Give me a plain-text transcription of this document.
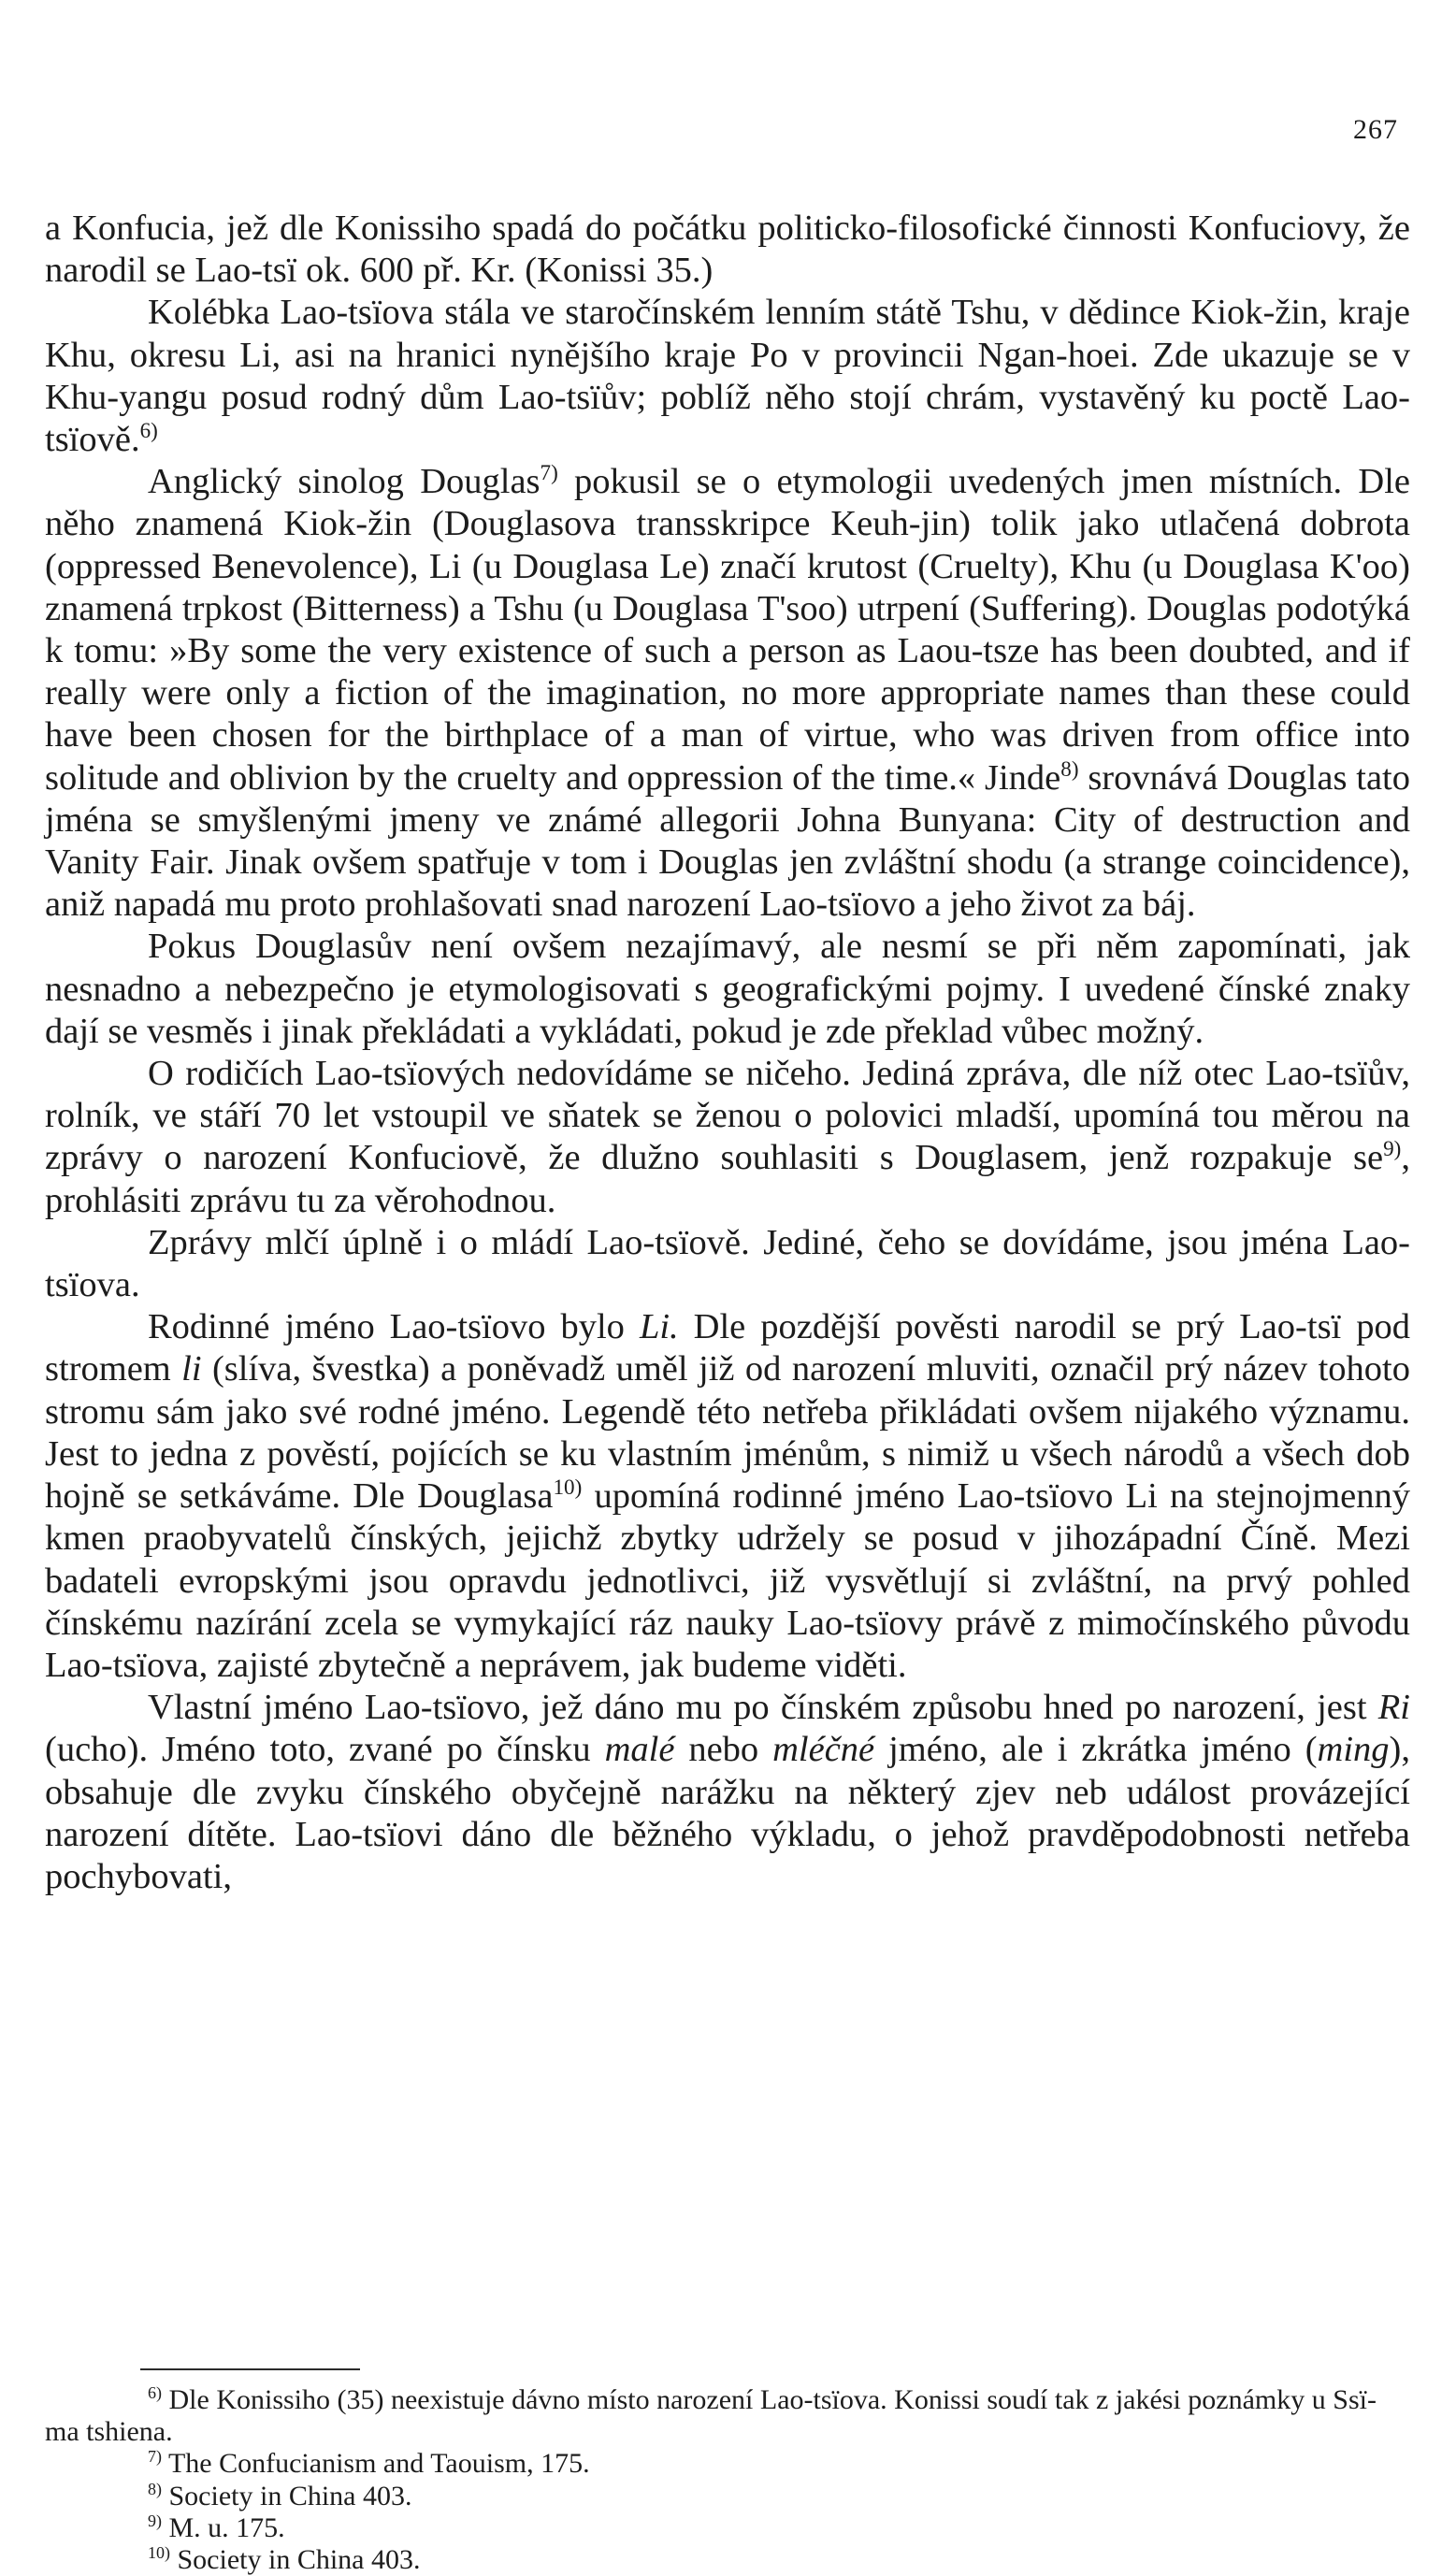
267

a Konfucia, jež dle Konissiho spadá do počátku politicko-filosofické činnosti Konfuciovy, že narodil se Lao-tsï ok. 600 př. Kr. (Konissi 35.)

Kolébka Lao-tsïova stála ve staročínském lenním státě Tshu, v dědince Kiok-žin, kraje Khu, okresu Li, asi na hranici nynějšího kraje Po v provincii Ngan-hoei. Zde ukazuje se v Khu-yangu posud rodný dům Lao-tsïův; poblíž něho stojí chrám, vystavěný ku poctě Lao-tsïově.$^{6)}$

Anglický sinolog Douglas$^{7)}$ pokusil se o etymologii uvedených jmen místních. Dle něho znamená Kiok-žin (Douglasova transskripce Keuh-jin) tolik jako utlačená dobrota (oppressed Benevolence), Li (u Douglasa Le) značí krutost (Cruelty), Khu (u Douglasa K'oo) znamená trpkost (Bitterness) a Tshu (u Douglasa T'soo) utrpení (Suffering). Douglas podotýká k tomu: »By some the very existence of such a person as Laou-tsze has been doubted, and if really were only a fiction of the imagination, no more appropriate names than these could have been chosen for the birthplace of a man of virtue, who was driven from office into solitude and oblivion by the cruelty and oppression of the time.« Jinde$^{8)}$ srovnává Douglas tato jména se smyšlenými jmeny ve známé allegorii Johna Bunyana: City of destruction and Vanity Fair. Jinak ovšem spatřuje v tom i Douglas jen zvláštní shodu (a strange coincidence), aniž napadá mu proto prohlašovati snad narození Lao-tsïovo a jeho život za báj.

Pokus Douglasův není ovšem nezajímavý, ale nesmí se při něm zapomínati, jak nesnadno a nebezpečno je etymologisovati s geografickými pojmy. I uvedené čínské znaky dají se vesměs i jinak překládati a vykládati, pokud je zde překlad vůbec možný.

O rodičích Lao-tsïových nedovídáme se ničeho. Jediná zpráva, dle níž otec Lao-tsïův, rolník, ve stáří 70 let vstoupil ve sňatek se ženou o polovici mladší, upomíná tou měrou na zprávy o narození Konfuciově, že dlužno souhlasiti s Douglasem, jenž rozpakuje $se^{9)}$, prohlásiti zprávu tu za věrohodnou.

Zprávy mlčí úplně i o mládí Lao-tsïově. Jediné, čeho se dovídáme, jsou jména Lao-tsïova.

Rodinné jméno Lao-tsïovo bylo Li. Dle pozdější pověsti narodil se prý Lao-tsï pod stromem li (slíva, švestka) a poněvadž uměl již od narození mluviti, označil prý název tohoto stromu sám jako své rodné jméno. Legendě této netřeba přikládati ovšem nijakého významu. Jest to jedna z pověstí, pojících se ku vlastním jménům, s nimiž u všech národů a všech dob hojně se setkáváme. Dle Douglasa$^{10)}$ upomíná rodinné jméno Lao-tsïovo Li na stejnojmenný kmen praobyvatelů čínských, jejichž zbytky udržely se posud v jihozápadní Číně. Mezi badateli evropskými jsou opravdu jednotlivci, již vysvětlují si zvláštní, na prvý pohled čínskému nazírání zcela se vymykající ráz nauky Lao-tsïovy právě z mimočínského původu Lao-tsïova, zajisté zbytečně a neprávem, jak budeme viděti.

Vlastní jméno Lao-tsïovo, jež dáno mu po čínském způsobu hned po narození, jest Ri (ucho). Jméno toto, zvané po čínsku malé nebo mléčné jméno, ale i zkrátka jméno (ming), obsahuje dle zvyku čínského obyčejně narážku na některý zjev neb událost provázející narození dítěte. Lao-tsïovi dáno dle běžného výkladu, o jehož pravděpodobnosti netřeba pochybovati,

$^{6)}$ Dle Konissiho (35) neexistuje dávno místo narození Lao-tsïova. Konissi soudí tak z jakési poznámky u Ssï-ma tshiena.

$^{7)}$ The Confucianism and Taouism, 175.

$^{8)}$ Society in China 403.

$^{9)}$ M. u. 175.

$^{10)}$ Society in China 403.
